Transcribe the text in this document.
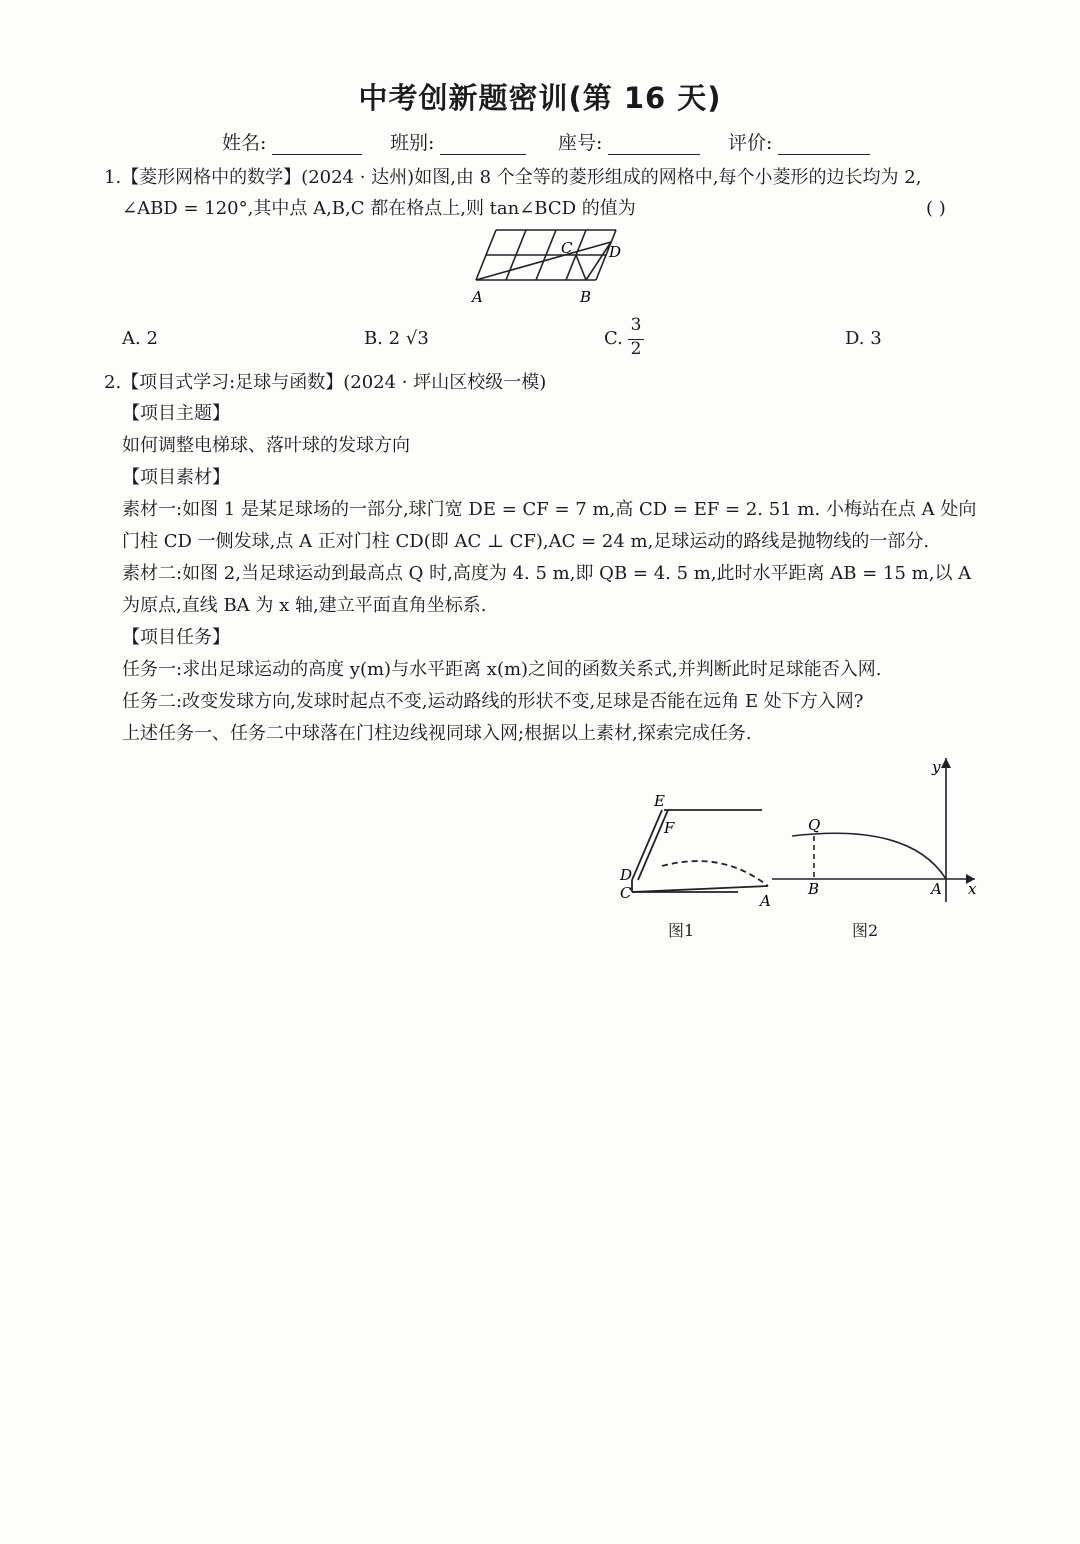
中考创新题密训(第 16 天)
姓名:	班别:	座号:	评价:
1.【菱形网格中的数学】(2024 · 达州)如图,由 8 个全等的菱形组成的网格中,每个小菱形的边长均为 2,
∠ABD = 120°,其中点 A,B,C 都在格点上,则 tan∠BCD 的值为	( )
A	B
C D
A. 2	B. 2 √3	C.
3
2	D. 3
2.【项目式学习:足球与函数】(2024 · 坪山区校级一模)
【项目主题】
如何调整电梯球、落叶球的发球方向
【项目素材】
素材一:如图 1 是某足球场的一部分,球门宽 DE = CF = 7 m,高 CD = EF = 2. 51 m. 小梅站在点 A 处向
门柱 CD 一侧发球,点 A 正对门柱 CD(即 AC ⊥ CF),AC = 24 m,足球运动的路线是抛物线的一部分.
素材二:如图 2,当足球运动到最高点 Q 时,高度为 4. 5 m,即 QB = 4. 5 m,此时水平距离 AB = 15 m,以 A
为原点,直线 BA 为 x 轴,建立平面直角坐标系.
【项目任务】
任务一:求出足球运动的高度 y(m)与水平距离 x(m)之间的函数关系式,并判断此时足球能否入网.
任务二:改变发球方向,发球时起点不变,运动路线的形状不变,足球是否能在远角 E 处下方入网?
上述任务一、任务二中球落在门柱边线视同球入网;根据以上素材,探索完成任务.
E
F
D
C	A
图1
y
x
Q
B	A
图2
